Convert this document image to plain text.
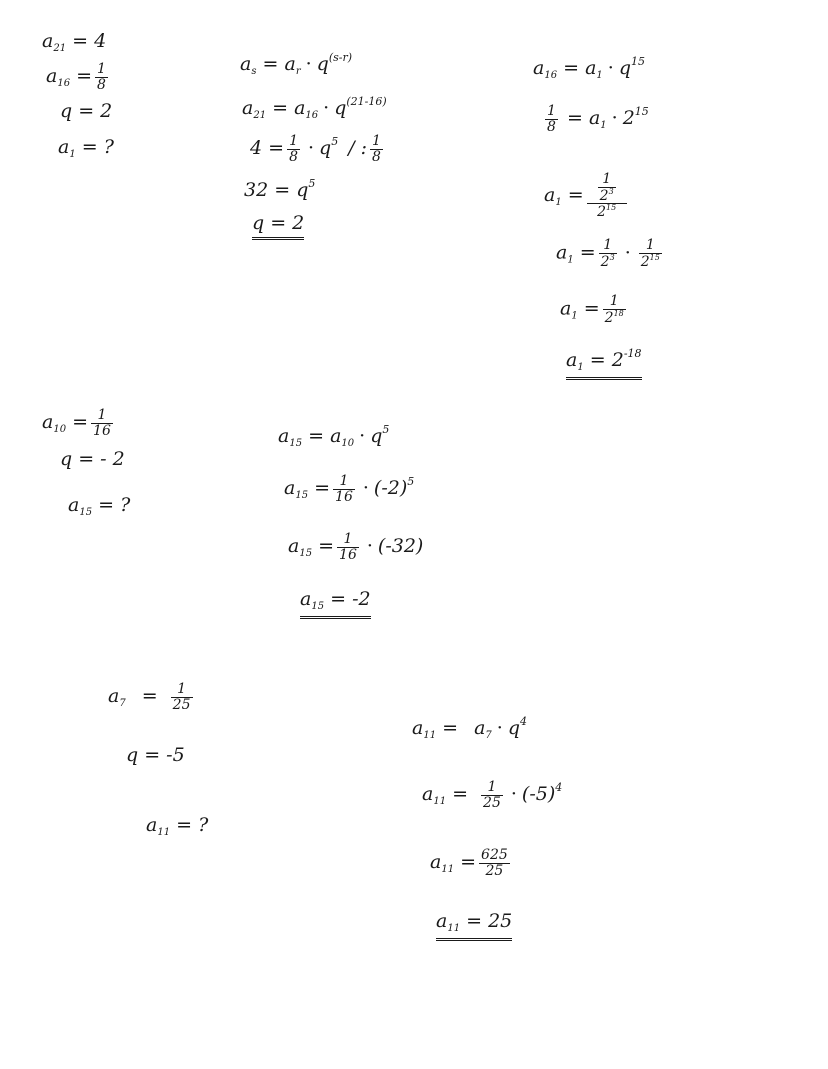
$a_{21} = 4$
$a_{16} = \frac{1}{8}$
q = 2
$a_1$ = ?
$a_s = a_r \cdot q^{(s-r)}$
$a_{21} = a_{16} \cdot q^{(21-16)}$
$4 = \frac{1}{8} \cdot q^5$ / : $\frac{1}{8}$
$32 = q^5$
q = 2
$a_{16} = a_1 \cdot q^{15}$
$\frac{1}{8} = a_1 \cdot 2^{15}$
$a_1 = \frac{\frac{1}{2^3}}{2^{15}}$
$a_1 = \frac{1}{2^3} \cdot \frac{1}{2^{15}}$
$a_1 = \frac{1}{2^{18}}$
$a_1 = 2^{-18}$
$a_{10} = \frac{1}{16}$
q = - 2
$a_{15}$ = ?
$a_{15} = a_{10} \cdot q^5$
$a_{15} = \frac{1}{16} \cdot (-2)^5$
$a_{15} = \frac{1}{16} \cdot (-32)$
$a_{15} = -2$
$a_7 = \frac{1}{25}$
q = -5
$a_{11}$ = ?
$a_{11} = a_7 \cdot q^4$
$a_{11} = \frac{1}{25} \cdot (-5)^4$
$a_{11} = \frac{625}{25}$
$a_{11} = 25$
